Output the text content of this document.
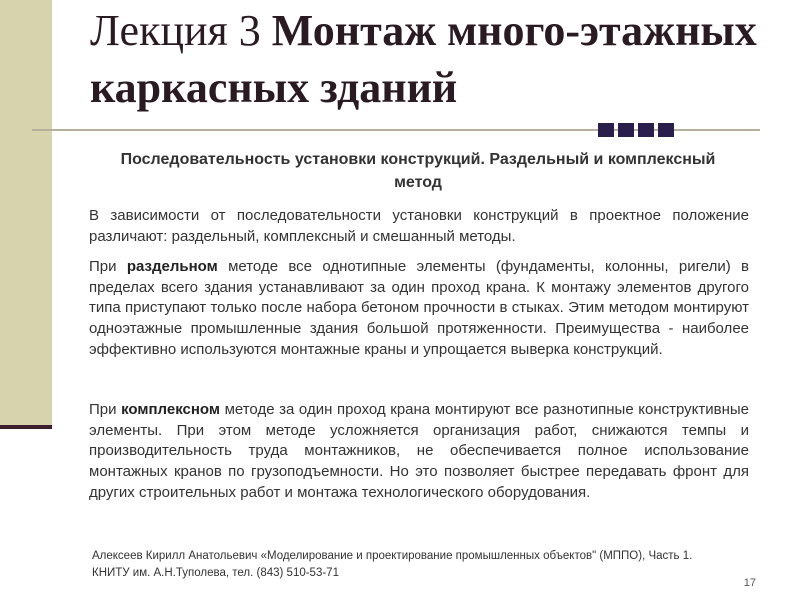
Лекция 3 Монтаж много-этажных каркасных зданий
Последовательность установки конструкций. Раздельный и комплексный метод
В зависимости от последовательности установки конструкций в проектное положение различают: раздельный, комплексный и смешанный методы.
При раздельном методе все однотипные элементы (фундаменты, колонны, ригели) в пределах всего здания устанавливают за один проход крана. К монтажу элементов другого типа приступают только после набора бетоном прочности в стыках. Этим методом монтируют одноэтажные промышленные здания большой протяженности. Преимущества - наиболее эффективно используются монтажные краны и упрощается выверка конструкций.
При комплексном методе за один проход крана монтируют все разнотипные конструктивные элементы. При этом методе усложняется организация работ, снижаются темпы и производительность труда монтажников, не обеспечивается полное использование монтажных кранов по грузоподъемности. Но это позволяет быстрее передавать фронт для других строительных работ и монтажа технологического оборудования.
Алексеев Кирилл Анатольевич «Моделирование и проектирование промышленных объектов" (МППО), Часть 1.
КНИТУ им. А.Н.Туполева, тел. (843) 510-53-71
17
